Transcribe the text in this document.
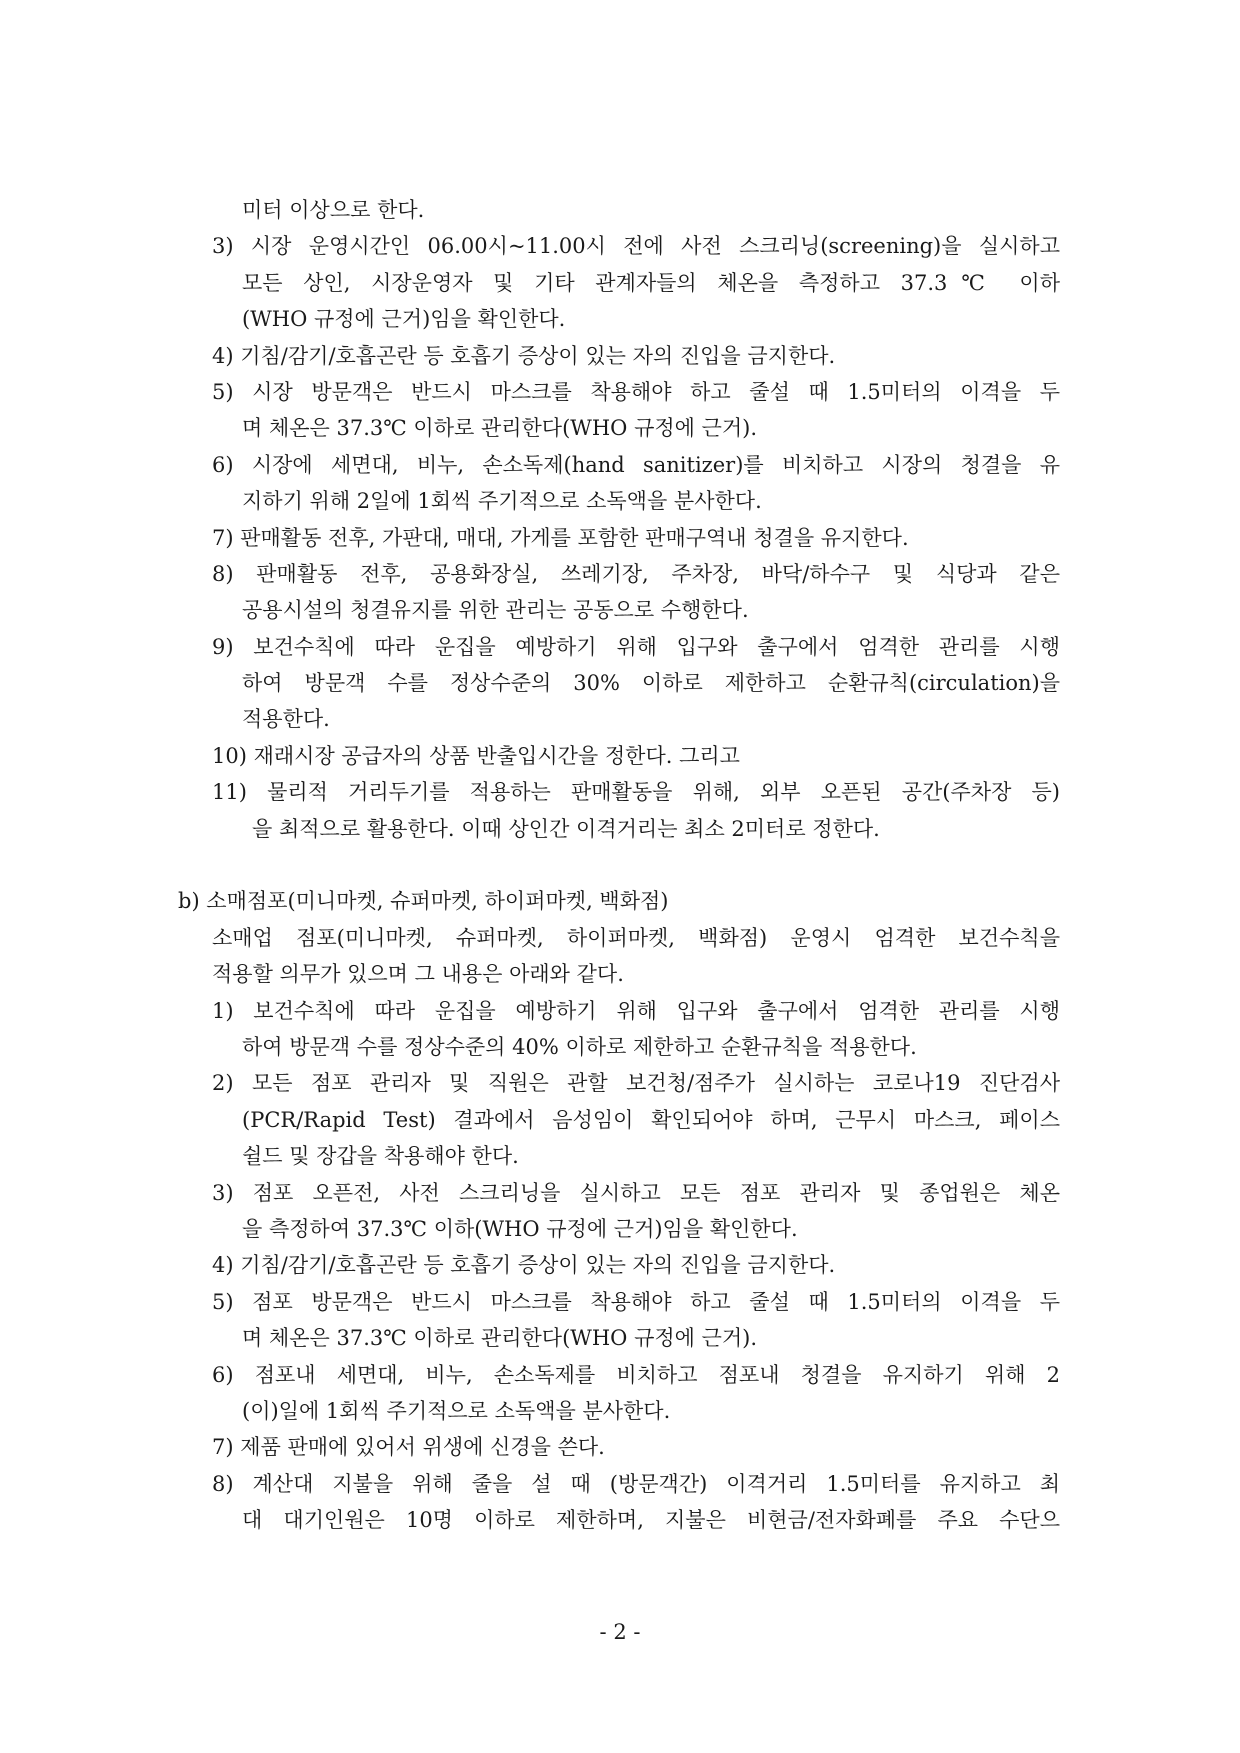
미터 이상으로 한다.
3) 시장 운영시간인 06.00시~11.00시 전에 사전 스크리닝(screening)을 실시하고
모든 상인, 시장운영자 및 기타 관계자들의 체온을 측정하고 37.3℃ 이하
(WHO 규정에 근거)임을 확인한다.
4) 기침/감기/호흡곤란 등 호흡기 증상이 있는 자의 진입을 금지한다.
5) 시장 방문객은 반드시 마스크를 착용해야 하고 줄설 때 1.5미터의 이격을 두
며 체온은 37.3℃ 이하로 관리한다(WHO 규정에 근거).
6) 시장에 세면대, 비누, 손소독제(hand sanitizer)를 비치하고 시장의 청결을 유
지하기 위해 2일에 1회씩 주기적으로 소독액을 분사한다.
7) 판매활동 전후, 가판대, 매대, 가게를 포함한 판매구역내 청결을 유지한다.
8) 판매활동 전후, 공용화장실, 쓰레기장, 주차장, 바닥/하수구 및 식당과 같은
공용시설의 청결유지를 위한 관리는 공동으로 수행한다.
9) 보건수칙에 따라 운집을 예방하기 위해 입구와 출구에서 엄격한 관리를 시행
하여 방문객 수를 정상수준의 30% 이하로 제한하고 순환규칙(circulation)을
적용한다.
10) 재래시장 공급자의 상품 반출입시간을 정한다. 그리고
11) 물리적 거리두기를 적용하는 판매활동을 위해, 외부 오픈된 공간(주차장 등)
을 최적으로 활용한다. 이때 상인간 이격거리는 최소 2미터로 정한다.
b) 소매점포(미니마켓, 슈퍼마켓, 하이퍼마켓, 백화점)
소매업 점포(미니마켓, 슈퍼마켓, 하이퍼마켓, 백화점) 운영시 엄격한 보건수칙을
적용할 의무가 있으며 그 내용은 아래와 같다.
1) 보건수칙에 따라 운집을 예방하기 위해 입구와 출구에서 엄격한 관리를 시행
하여 방문객 수를 정상수준의 40% 이하로 제한하고 순환규칙을 적용한다.
2) 모든 점포 관리자 및 직원은 관할 보건청/점주가 실시하는 코로나19 진단검사
(PCR/Rapid Test) 결과에서 음성임이 확인되어야 하며, 근무시 마스크, 페이스
쉴드 및 장갑을 착용해야 한다.
3) 점포 오픈전, 사전 스크리닝을 실시하고 모든 점포 관리자 및 종업원은 체온
을 측정하여 37.3℃ 이하(WHO 규정에 근거)임을 확인한다.
4) 기침/감기/호흡곤란 등 호흡기 증상이 있는 자의 진입을 금지한다.
5) 점포 방문객은 반드시 마스크를 착용해야 하고 줄설 때 1.5미터의 이격을 두
며 체온은 37.3℃ 이하로 관리한다(WHO 규정에 근거).
6) 점포내 세면대, 비누, 손소독제를 비치하고 점포내 청결을 유지하기 위해 2
(이)일에 1회씩 주기적으로 소독액을 분사한다.
7) 제품 판매에 있어서 위생에 신경을 쓴다.
8) 계산대 지불을 위해 줄을 설 때 (방문객간) 이격거리 1.5미터를 유지하고 최
대 대기인원은 10명 이하로 제한하며, 지불은 비현금/전자화폐를 주요 수단으
- 2 -
